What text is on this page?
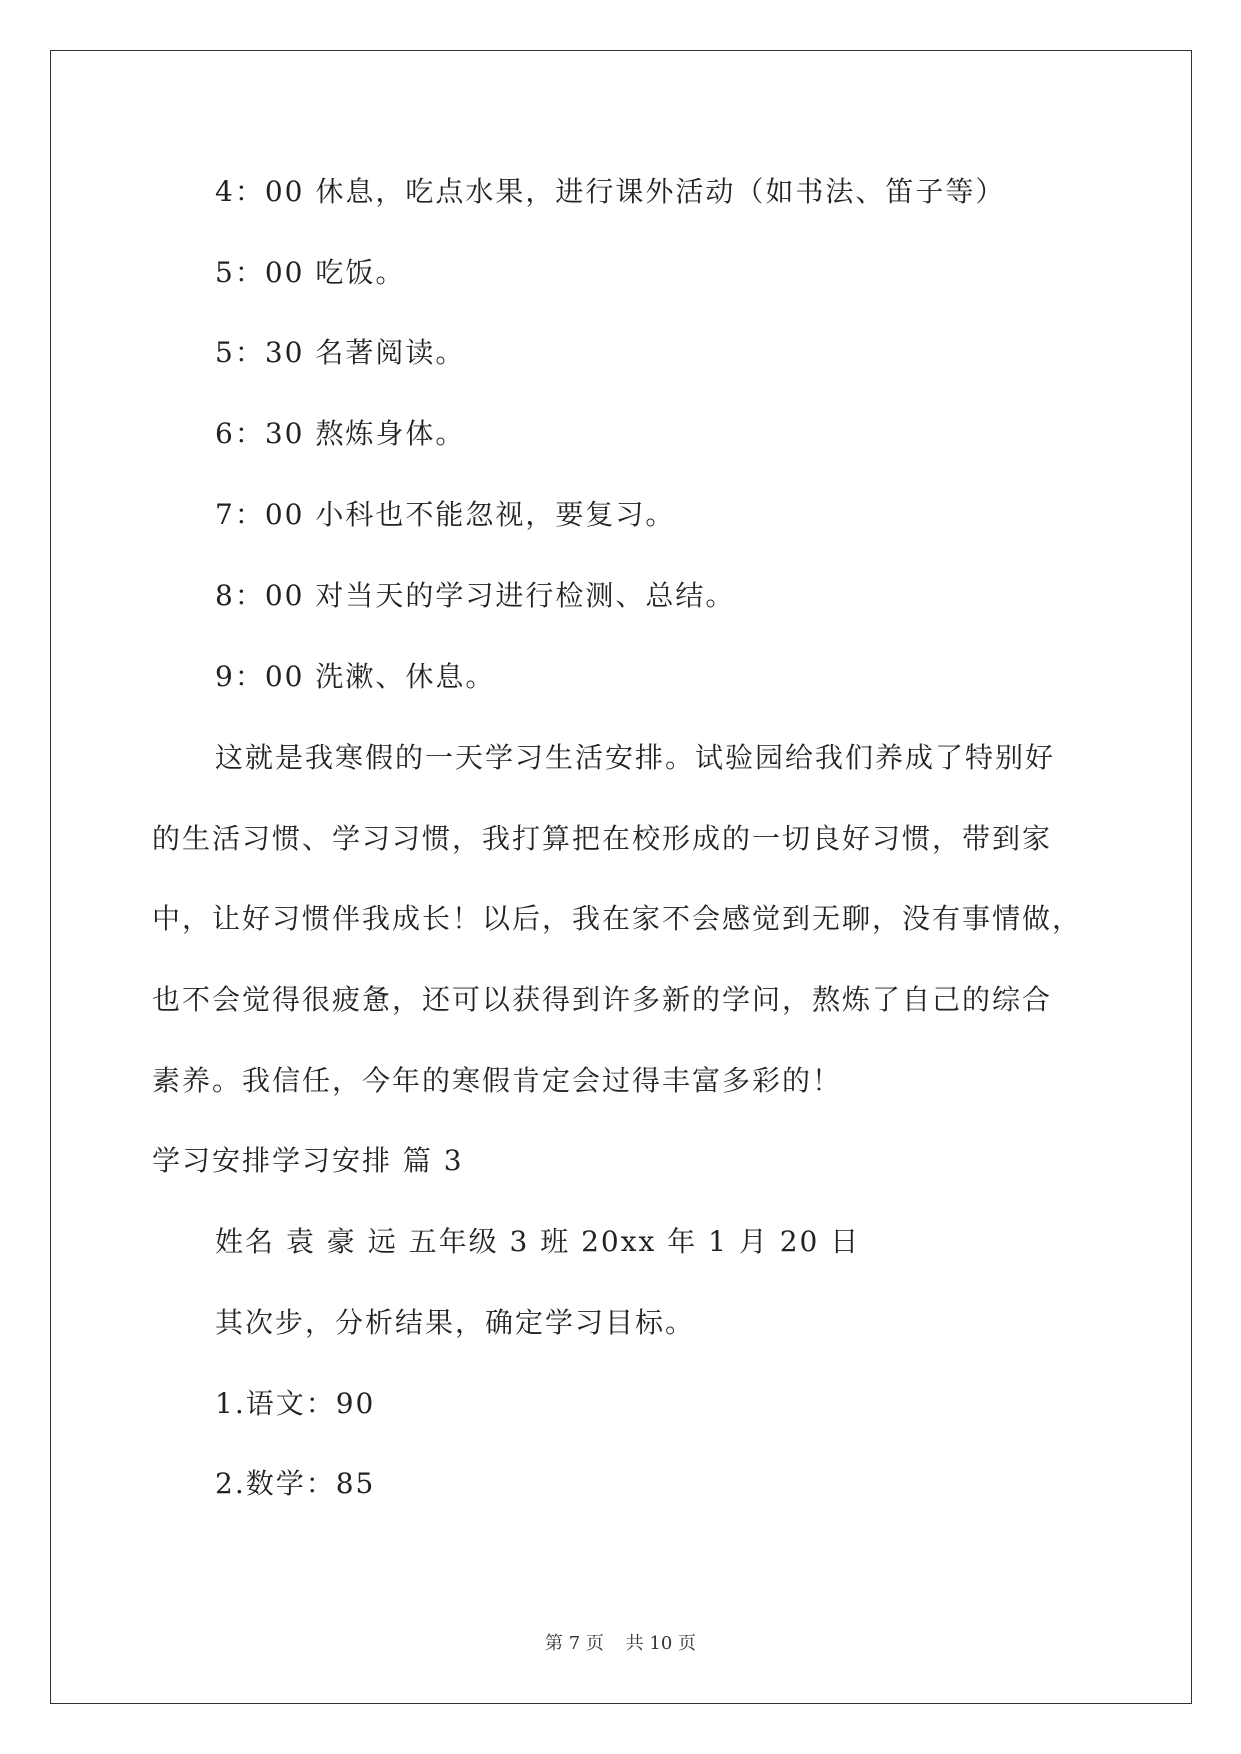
4：00 休息，吃点水果，进行课外活动（如书法、笛子等）
5：00 吃饭。
5：30 名著阅读。
6：30 熬炼身体。
7：00 小科也不能忽视，要复习。
8：00 对当天的学习进行检测、总结。
9：00 洗漱、休息。
这就是我寒假的一天学习生活安排。试验园给我们养成了特别好
的生活习惯、学习习惯，我打算把在校形成的一切良好习惯，带到家
中，让好习惯伴我成长！以后，我在家不会感觉到无聊，没有事情做，
也不会觉得很疲惫，还可以获得到许多新的学问，熬炼了自己的综合
素养。我信任，今年的寒假肯定会过得丰富多彩的！
学习安排学习安排 篇 3
姓名 袁 豪 远 五年级 3 班 20xx 年 1 月 20 日
其次步，分析结果，确定学习目标。
1.语文：90
2.数学：85
第 7 页 共 10 页
